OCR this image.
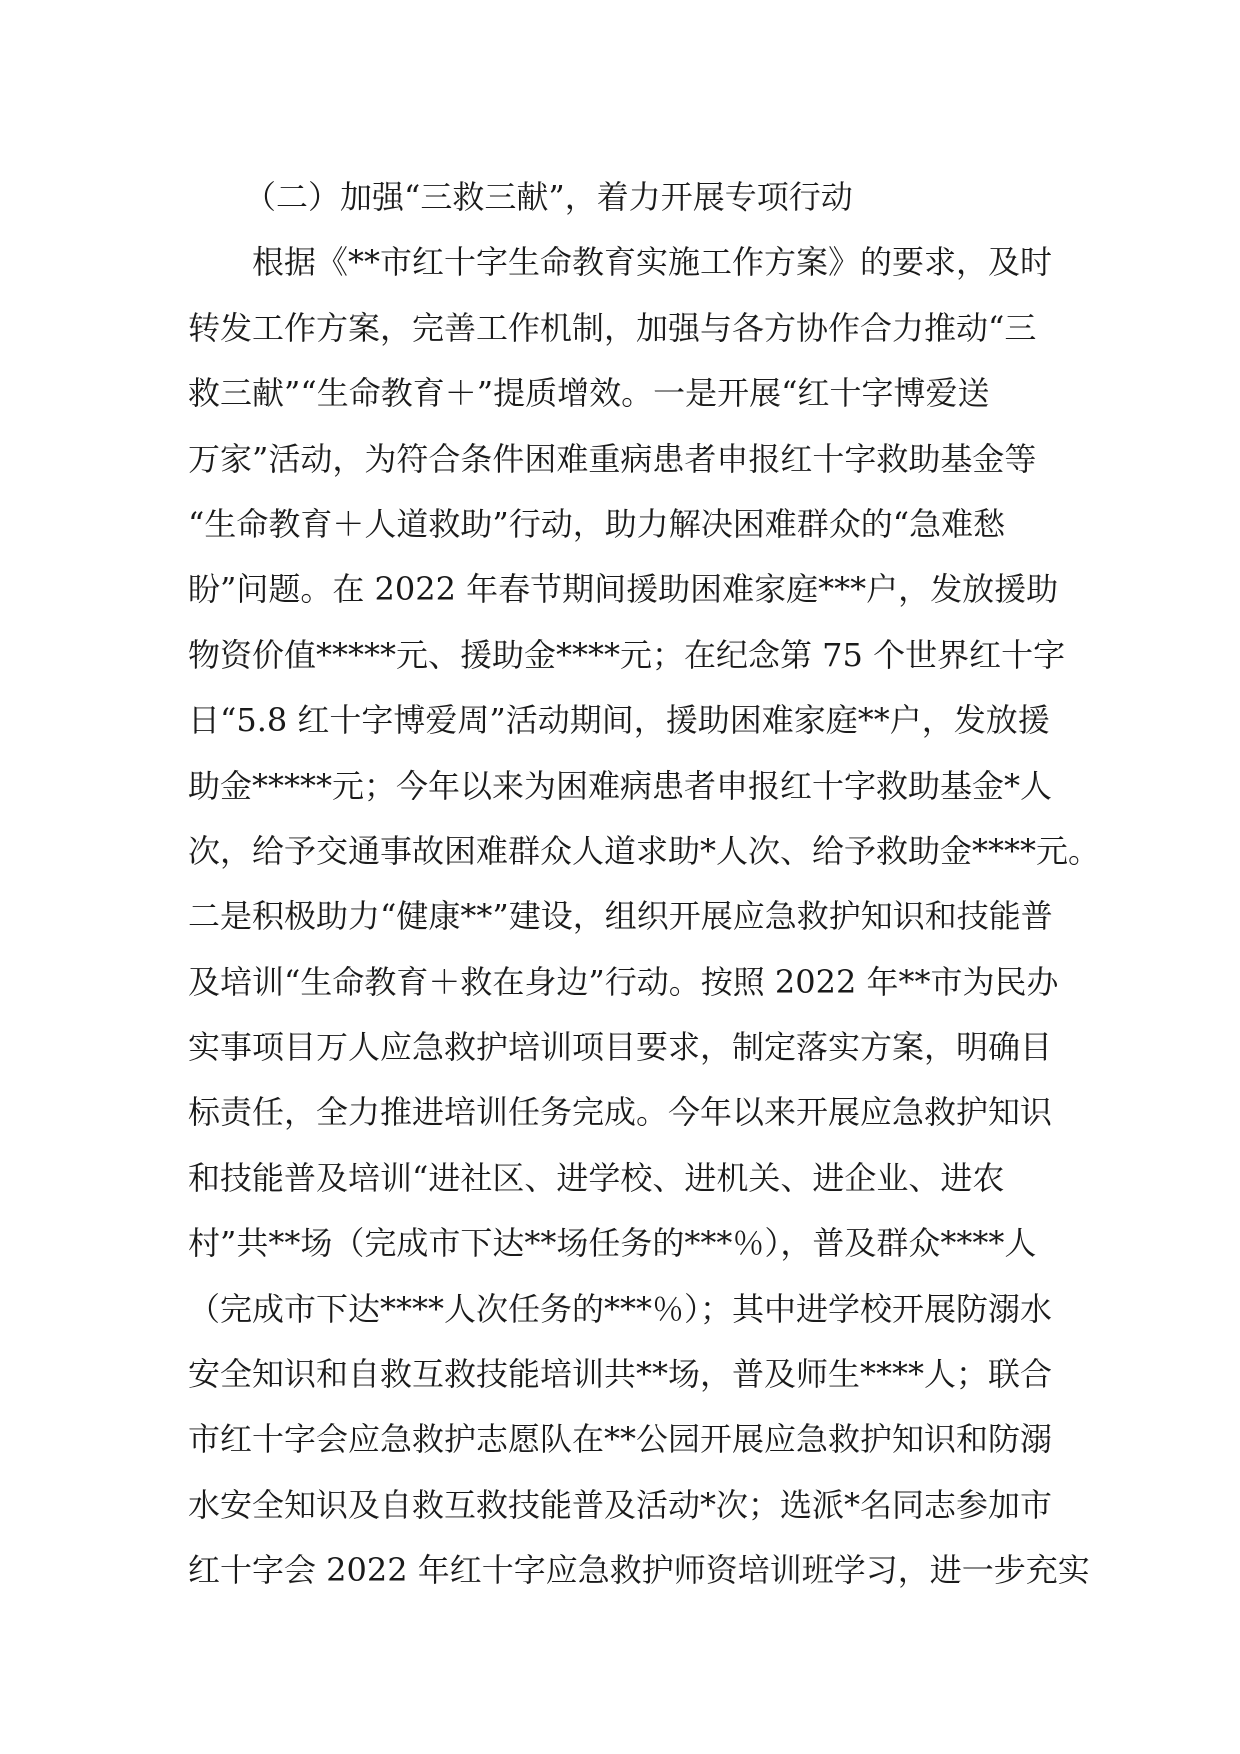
（二）加强“三救三献”，着力开展专项行动
根据《**市红十字生命教育实施工作方案》的要求，及时
转发工作方案，完善工作机制，加强与各方协作合力推动“三
救三献”“生命教育＋”提质增效。一是开展“红十字博爱送
万家”活动，为符合条件困难重病患者申报红十字救助基金等
“生命教育＋人道救助”行动，助力解决困难群众的“急难愁
盼”问题。在 2022 年春节期间援助困难家庭***户，发放援助
物资价值*****元、援助金****元；在纪念第 75 个世界红十字
日“5.8 红十字博爱周”活动期间，援助困难家庭**户，发放援
助金*****元；今年以来为困难病患者申报红十字救助基金*人
次，给予交通事故困难群众人道求助*人次、给予救助金****元。
二是积极助力“健康**”建设，组织开展应急救护知识和技能普
及培训“生命教育＋救在身边”行动。按照 2022 年**市为民办
实事项目万人应急救护培训项目要求，制定落实方案，明确目
标责任，全力推进培训任务完成。今年以来开展应急救护知识
和技能普及培训“进社区、进学校、进机关、进企业、进农
村”共**场（完成市下达**场任务的***％），普及群众****人
（完成市下达****人次任务的***％）；其中进学校开展防溺水
安全知识和自救互救技能培训共**场，普及师生****人；联合
市红十字会应急救护志愿队在**公园开展应急救护知识和防溺
水安全知识及自救互救技能普及活动*次；选派*名同志参加市
红十字会 2022 年红十字应急救护师资培训班学习，进一步充实
